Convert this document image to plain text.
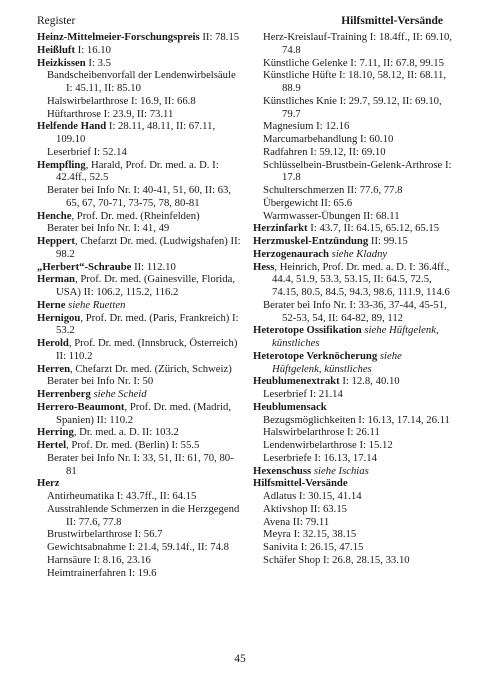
Register	Hilfsmittel-Versände
Heinz-Mittelmeier-Forschungspreis II: 78.15
Heißluft I: 16.10
Heizkissen I: 3.5
Bandscheibenvorfall der Lendenwirbelsäule I: 45.11, II: 85.10
Halswirbelarthrose I: 16.9, II: 66.8
Hüftarthrose I: 23.9, II: 73.11
Helfende Hand I: 28.11, 48.11, II: 67.11, 109.10
Leserbrief I: 52.14
Hempfling, Harald, Prof. Dr. med. a. D. I: 42.4ff., 52.5
Berater bei Info Nr. I: 40-41, 51, 60, II: 63, 65, 67, 70-71, 73-75, 78, 80-81
Henche, Prof. Dr. med. (Rheinfelden)
Berater bei Info Nr. I: 41, 49
Heppert, Chefarzt Dr. med. (Ludwigshafen) II: 98.2
„Herbert“-Schraube II: 112.10
Herman, Prof. Dr. med. (Gainesville, Florida, USA) II: 106.2, 115.2, 116.2
Herne siehe Ruetten
Hernigou, Prof. Dr. med. (Paris, Frankreich) I: 53.2
Herold, Prof. Dr. med. (Innsbruck, Österreich) II: 110.2
Herren, Chefarzt Dr. med. (Zürich, Schweiz)
Berater bei Info Nr. I: 50
Herrenberg siehe Scheid
Herrero-Beaumont, Prof. Dr. med. (Madrid, Spanien) II: 110.2
Herring, Dr. med. a. D. II: 103.2
Hertel, Prof. Dr. med. (Berlin) I: 55.5
Berater bei Info Nr. I: 33, 51, II: 61, 70, 80-81
Herz
Antirheumatika I: 43.7ff., II: 64.15
Ausstrahlende Schmerzen in die Herzgegend II: 77.6, 77.8
Brustwirbelarthrose I: 56.7
Gewichtsabnahme I: 21.4, 59.14f., II: 74.8
Harnsäure I: 8.16, 23.16
Heimtrainerfahren I: 19.6
Herz-Kreislauf-Training I: 18.4ff., II: 69.10, 74.8
Künstliche Gelenke I: 7.11, II: 67.8, 99.15
Künstliche Hüfte I: 18.10, 58.12, II: 68.11, 88.9
Künstliches Knie I: 29.7, 59.12, II: 69.10, 79.7
Magnesium I: 12.16
Marcumarbehandlung I: 60.10
Radfahren I: 59.12, II: 69.10
Schlüsselbein-Brustbein-Gelenk-Arthrose I: 17.8
Schulterschmerzen II: 77.6, 77.8
Übergewicht II: 65.6
Warmwasser-Übungen II: 68.11
Herzinfarkt I: 43.7, II: 64.15, 65.12, 65.15
Herzmuskel-Entzündung II: 99.15
Herzogenaurach siehe Kladny
Hess, Heinrich, Prof. Dr. med. a. D. I: 36.4ff., 44.4, 51.9, 53.3, 53.15, II: 64.5, 72.5, 74.15, 80.5, 84.5, 94.3, 98.6, 111.9, 114.6
Berater bei Info Nr. I: 33-36, 37-44, 45-51, 52-53, 54, II: 64-82, 89, 112
Heterotope Ossifikation siehe Hüftgelenk, künstliches
Heterotope Verknöcherung siehe Hüftgelenk, künstliches
Heublumenextrakt I: 12.8, 40.10
Leserbrief I: 21.14
Heublumensack
Bezugsmöglichkeiten I: 16.13, 17.14, 26.11
Halswirbelarthrose I: 26.11
Lendenwirbelarthrose I: 15.12
Leserbriefe I: 16.13, 17.14
Hexenschuss siehe Ischias
Hilfsmittel-Versände
Adlatus I: 30.15, 41.14
Aktivshop II: 63.15
Avena II: 79.11
Meyra I: 32.15, 38.15
Sanivita I: 26.15, 47.15
Schäfer Shop I: 26.8, 28.15, 33.10
45
